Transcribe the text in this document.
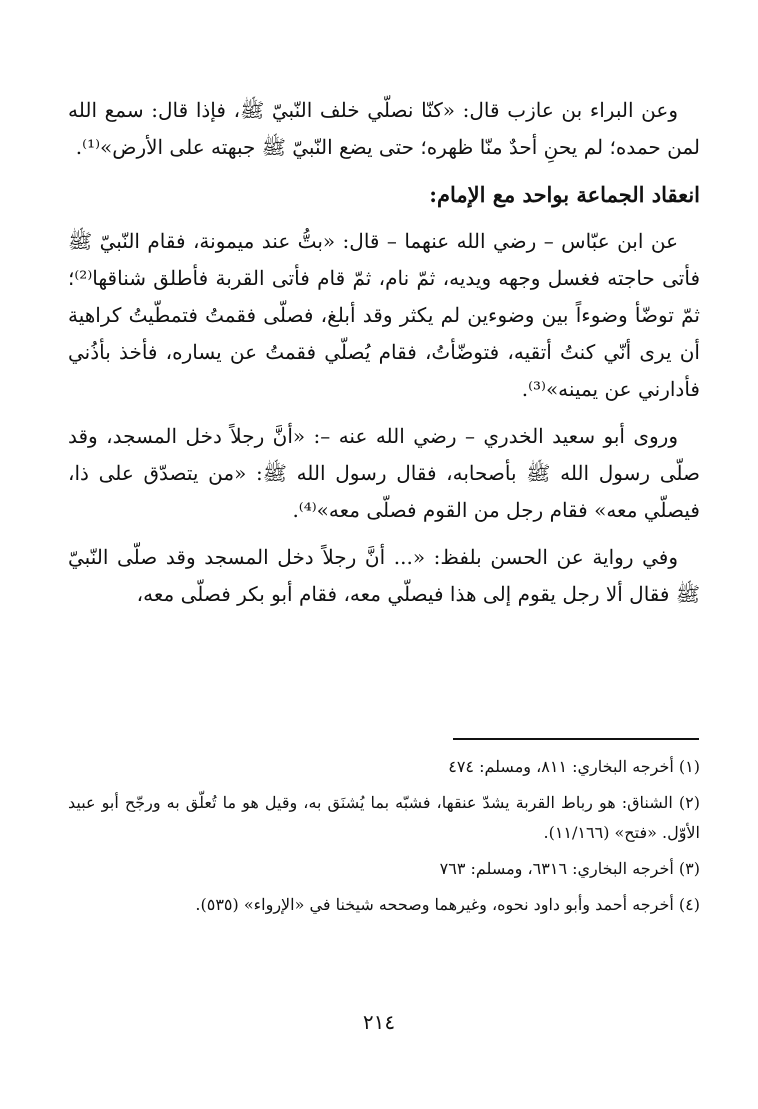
وعن البراء بن عازب قال: «كنّا نصلّي خلف النّبيّ ﷺ، فإذا قال: سمع الله لمن حمده؛ لم يحنِ أحدٌ منّا ظهره؛ حتى يضع النّبيّ ﷺ جبهته على الأرض»⁽¹⁾.

انعقاد الجماعة بواحد مع الإمام:

عن ابن عبّاس – رضي الله عنهما – قال: «بتُّ عند ميمونة، فقام النّبيّ ﷺ فأتى حاجته فغسل وجهه ويديه، ثمّ نام، ثمّ قام فأتى القربة فأطلق شناقها⁽²⁾؛ ثمّ توضّأ وضوءاً بين وضوءين لم يكثر وقد أبلغ، فصلّى فقمتُ فتمطّيتُ كراهية أن يرى أنّي كنتُ أتقيه، فتوضّأتُ، فقام يُصلّي فقمتُ عن يساره، فأخذ بأذُني فأدارني عن يمينه»⁽³⁾.

وروى أبو سعيد الخدري – رضي الله عنه –: «أنَّ رجلاً دخل المسجد، وقد صلّى رسول الله ﷺ بأصحابه، فقال رسول الله ﷺ: «من يتصدّق على ذا، فيصلّي معه» فقام رجل من القوم فصلّى معه»⁽⁴⁾.

وفي رواية عن الحسن بلفظ: «... أنَّ رجلاً دخل المسجد وقد صلّى النّبيّ ﷺ فقال ألا رجل يقوم إلى هذا فيصلّي معه، فقام أبو بكر فصلّى معه،

(١) أخرجه البخاري: ٨١١، ومسلم: ٤٧٤

(٢) الشناق: هو رباط القربة يشدّ عنقها، فشبّه بما يُشنَق به، وقيل هو ما تُعلّق به ورجّح أبو عبيد الأوّل. «فتح» (١١/١٦٦).

(٣) أخرجه البخاري: ٦٣١٦، ومسلم: ٧٦٣

(٤) أخرجه أحمد وأبو داود نحوه، وغيرهما وصححه شيخنا في «الإرواء» (٥٣٥).

٢١٤
